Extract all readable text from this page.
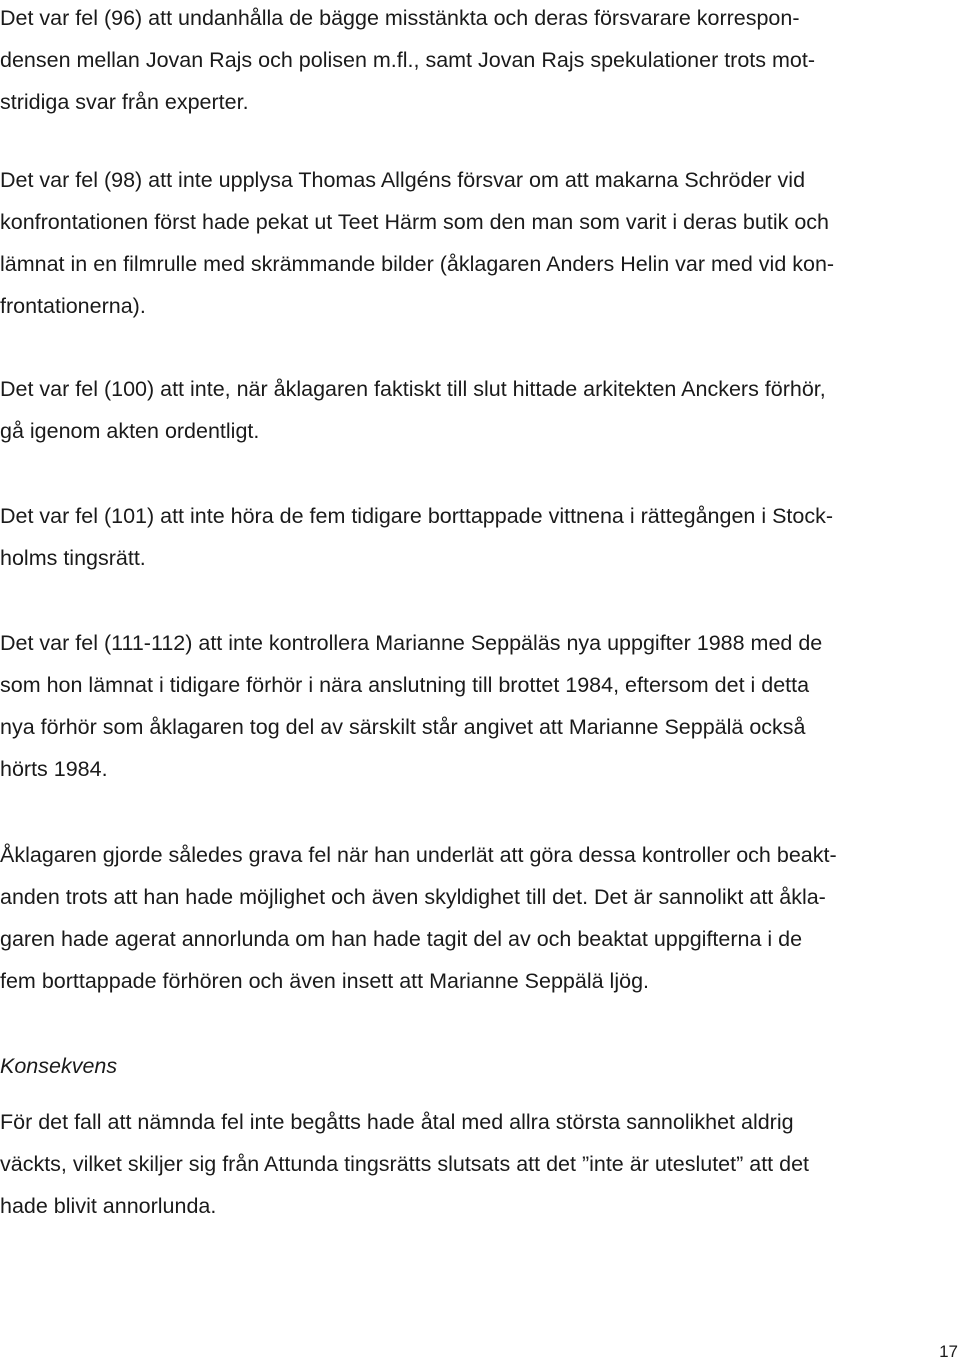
Det var fel (96) att undanhålla de bägge misstänkta och deras försvarare korrespon-
densen mellan Jovan Rajs och polisen m.fl., samt Jovan Rajs spekulationer trots mot-
stridiga svar från experter.

Det var fel (98) att inte upplysa Thomas Allgéns försvar om att makarna Schröder vid
konfrontationen först hade pekat ut Teet Härm som den man som varit i deras butik och
lämnat in en filmrulle med skrämmande bilder (åklagaren Anders Helin var med vid kon-
frontationerna).

Det var fel (100) att inte, när åklagaren faktiskt till slut hittade arkitekten Anckers förhör,
gå igenom akten ordentligt.

Det var fel (101) att inte höra de fem tidigare borttappade vittnena i rättegången i Stock-
holms tingsrätt.

Det var fel (111-112) att inte kontrollera Marianne Seppäläs nya uppgifter 1988 med de
som hon lämnat i tidigare förhör i nära anslutning till brottet 1984, eftersom det i detta
nya förhör som åklagaren tog del av särskilt står angivet att Marianne Seppälä också
hörts 1984.

Åklagaren gjorde således grava fel när han underlät att göra dessa kontroller och beakt-
anden trots att han hade möjlighet och även skyldighet till det. Det är sannolikt att åkla-
garen hade agerat annorlunda om han hade tagit del av och beaktat uppgifterna i de
fem borttappade förhören och även insett att Marianne Seppälä ljög.

Konsekvens

För det fall att nämnda fel inte begåtts hade åtal med allra största sannolikhet aldrig
väckts, vilket skiljer sig från Attunda tingsrätts slutsats att det ”inte är uteslutet” att det
hade blivit annorlunda.

17
